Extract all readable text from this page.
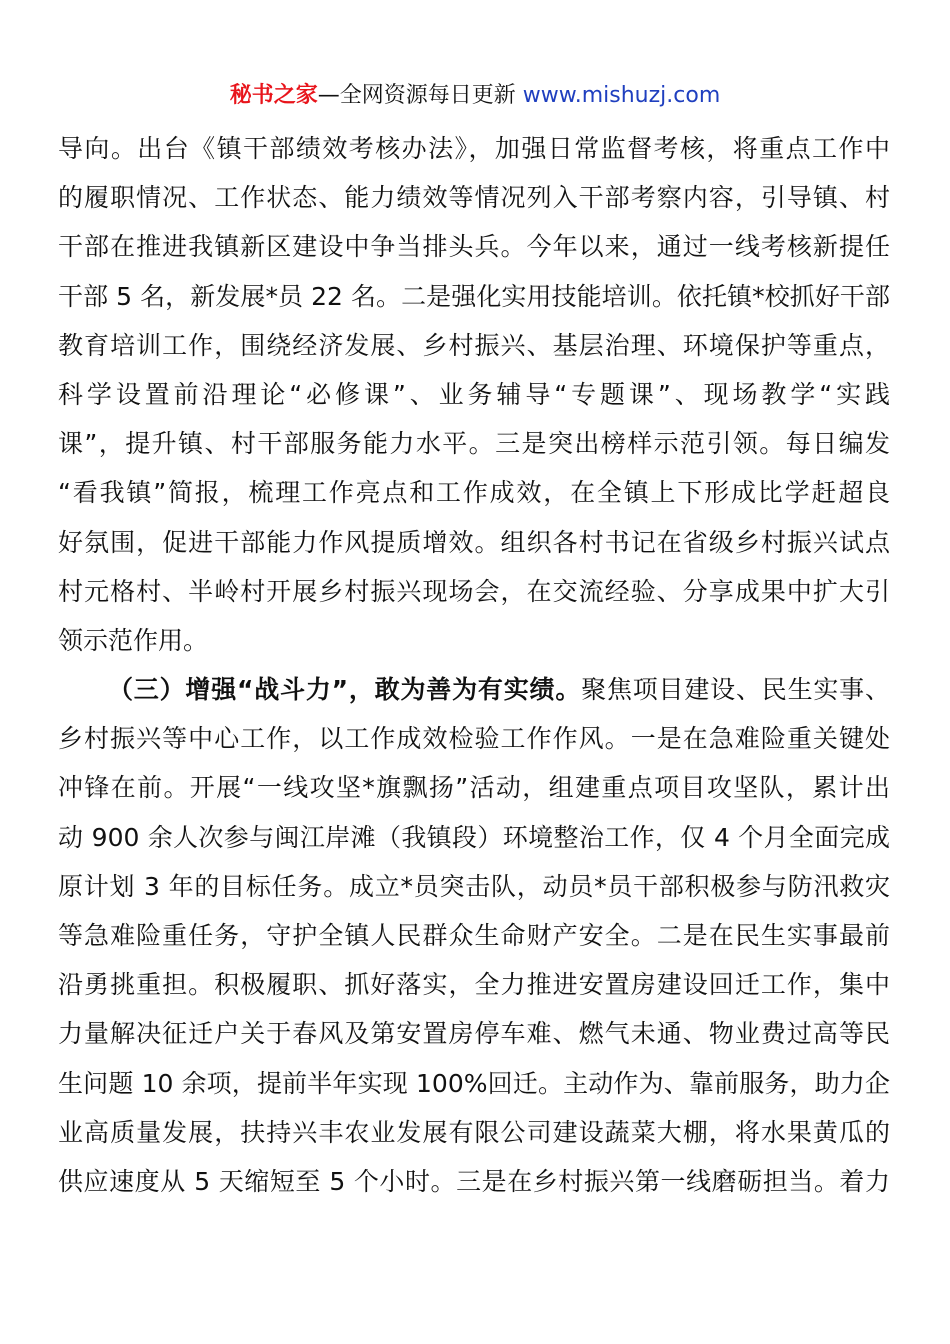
秘书之家—全网资源每日更新 www.mishuzj.com
导向。出台《镇干部绩效考核办法》，加强日常监督考核，将重点工作中
的履职情况、工作状态、能力绩效等情况列入干部考察内容，引导镇、村
干部在推进我镇新区建设中争当排头兵。今年以来，通过一线考核新提任
干部 5 名，新发展*员 22 名。二是强化实用技能培训。依托镇*校抓好干部
教育培训工作，围绕经济发展、乡村振兴、基层治理、环境保护等重点，
科学设置前沿理论“必修课”、业务辅导“专题课”、现场教学“实践
课”，提升镇、村干部服务能力水平。三是突出榜样示范引领。每日编发
“看我镇”简报，梳理工作亮点和工作成效，在全镇上下形成比学赶超良
好氛围，促进干部能力作风提质增效。组织各村书记在省级乡村振兴试点
村元格村、半岭村开展乡村振兴现场会，在交流经验、分享成果中扩大引
领示范作用。
（三）增强“战斗力”，敢为善为有实绩。聚焦项目建设、民生实事、
乡村振兴等中心工作，以工作成效检验工作作风。一是在急难险重关键处
冲锋在前。开展“一线攻坚*旗飘扬”活动，组建重点项目攻坚队，累计出
动 900 余人次参与闽江岸滩（我镇段）环境整治工作，仅 4 个月全面完成
原计划 3 年的目标任务。成立*员突击队，动员*员干部积极参与防汛救灾
等急难险重任务，守护全镇人民群众生命财产安全。二是在民生实事最前
沿勇挑重担。积极履职、抓好落实，全力推进安置房建设回迁工作，集中
力量解决征迁户关于春风及第安置房停车难、燃气未通、物业费过高等民
生问题 10 余项，提前半年实现 100%回迁。主动作为、靠前服务，助力企
业高质量发展，扶持兴丰农业发展有限公司建设蔬菜大棚，将水果黄瓜的
供应速度从 5 天缩短至 5 个小时。三是在乡村振兴第一线磨砺担当。着力
